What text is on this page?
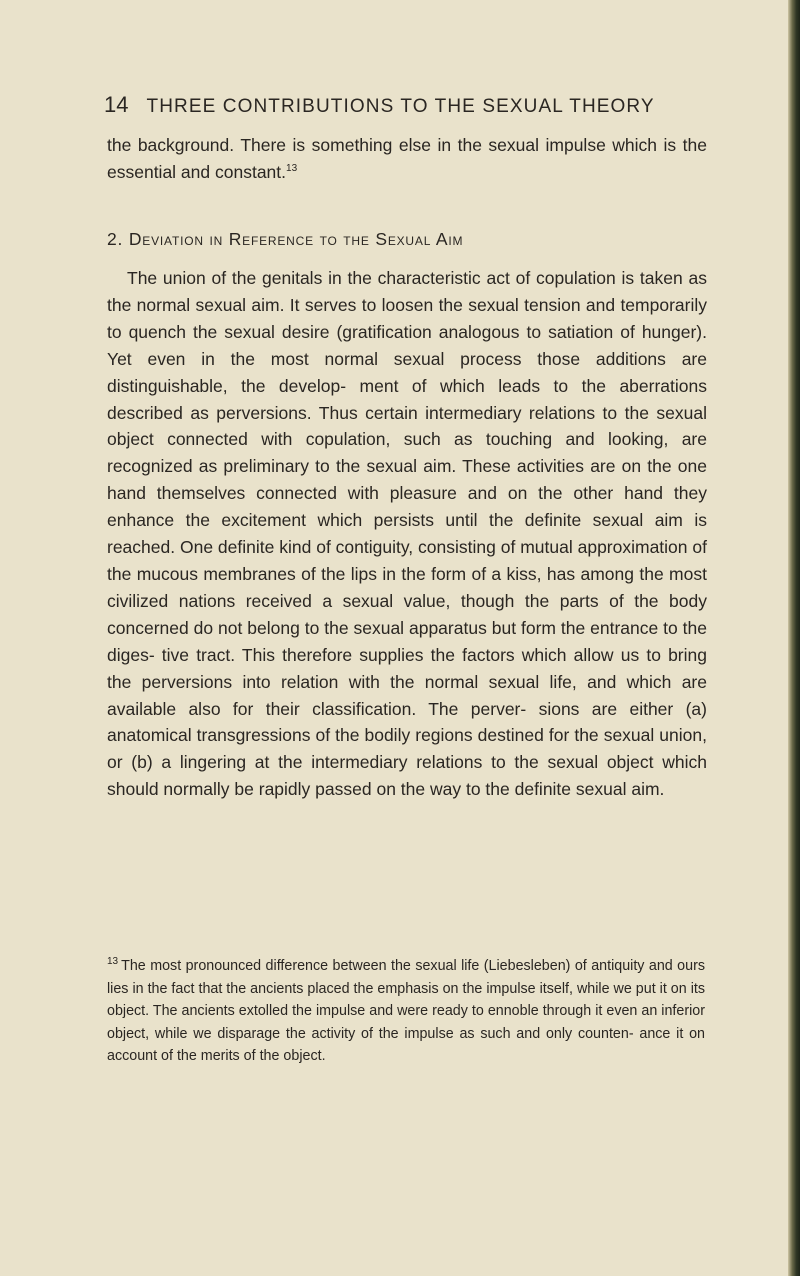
14 THREE CONTRIBUTIONS TO THE SEXUAL THEORY
the background. There is something else in the sexual impulse which is the essential and constant.$^{13}$
2. Deviation in Reference to the Sexual Aim
The union of the genitals in the characteristic act of copulation is taken as the normal sexual aim. It serves to loosen the sexual tension and temporarily to quench the sexual desire (gratification analogous to satiation of hunger). Yet even in the most normal sexual process those additions are distinguishable, the develop- ment of which leads to the aberrations described as perversions. Thus certain intermediary relations to the sexual object connected with copulation, such as touching and looking, are recognized as preliminary to the sexual aim. These activities are on the one hand themselves connected with pleasure and on the other hand they enhance the excitement which persists until the definite sexual aim is reached. One definite kind of contiguity, consisting of mutual approximation of the mucous membranes of the lips in the form of a kiss, has among the most civilized nations received a sexual value, though the parts of the body concerned do not belong to the sexual apparatus but form the entrance to the diges- tive tract. This therefore supplies the factors which allow us to bring the perversions into relation with the normal sexual life, and which are available also for their classification. The perver- sions are either (a) anatomical transgressions of the bodily regions destined for the sexual union, or (b) a lingering at the intermediary relations to the sexual object which should normally be rapidly passed on the way to the definite sexual aim.
$^{13}$ The most pronounced difference between the sexual life (Liebesleben) of antiquity and ours lies in the fact that the ancients placed the emphasis on the impulse itself, while we put it on its object. The ancients extolled the impulse and were ready to ennoble through it even an inferior object, while we disparage the activity of the impulse as such and only counten- ance it on account of the merits of the object.
